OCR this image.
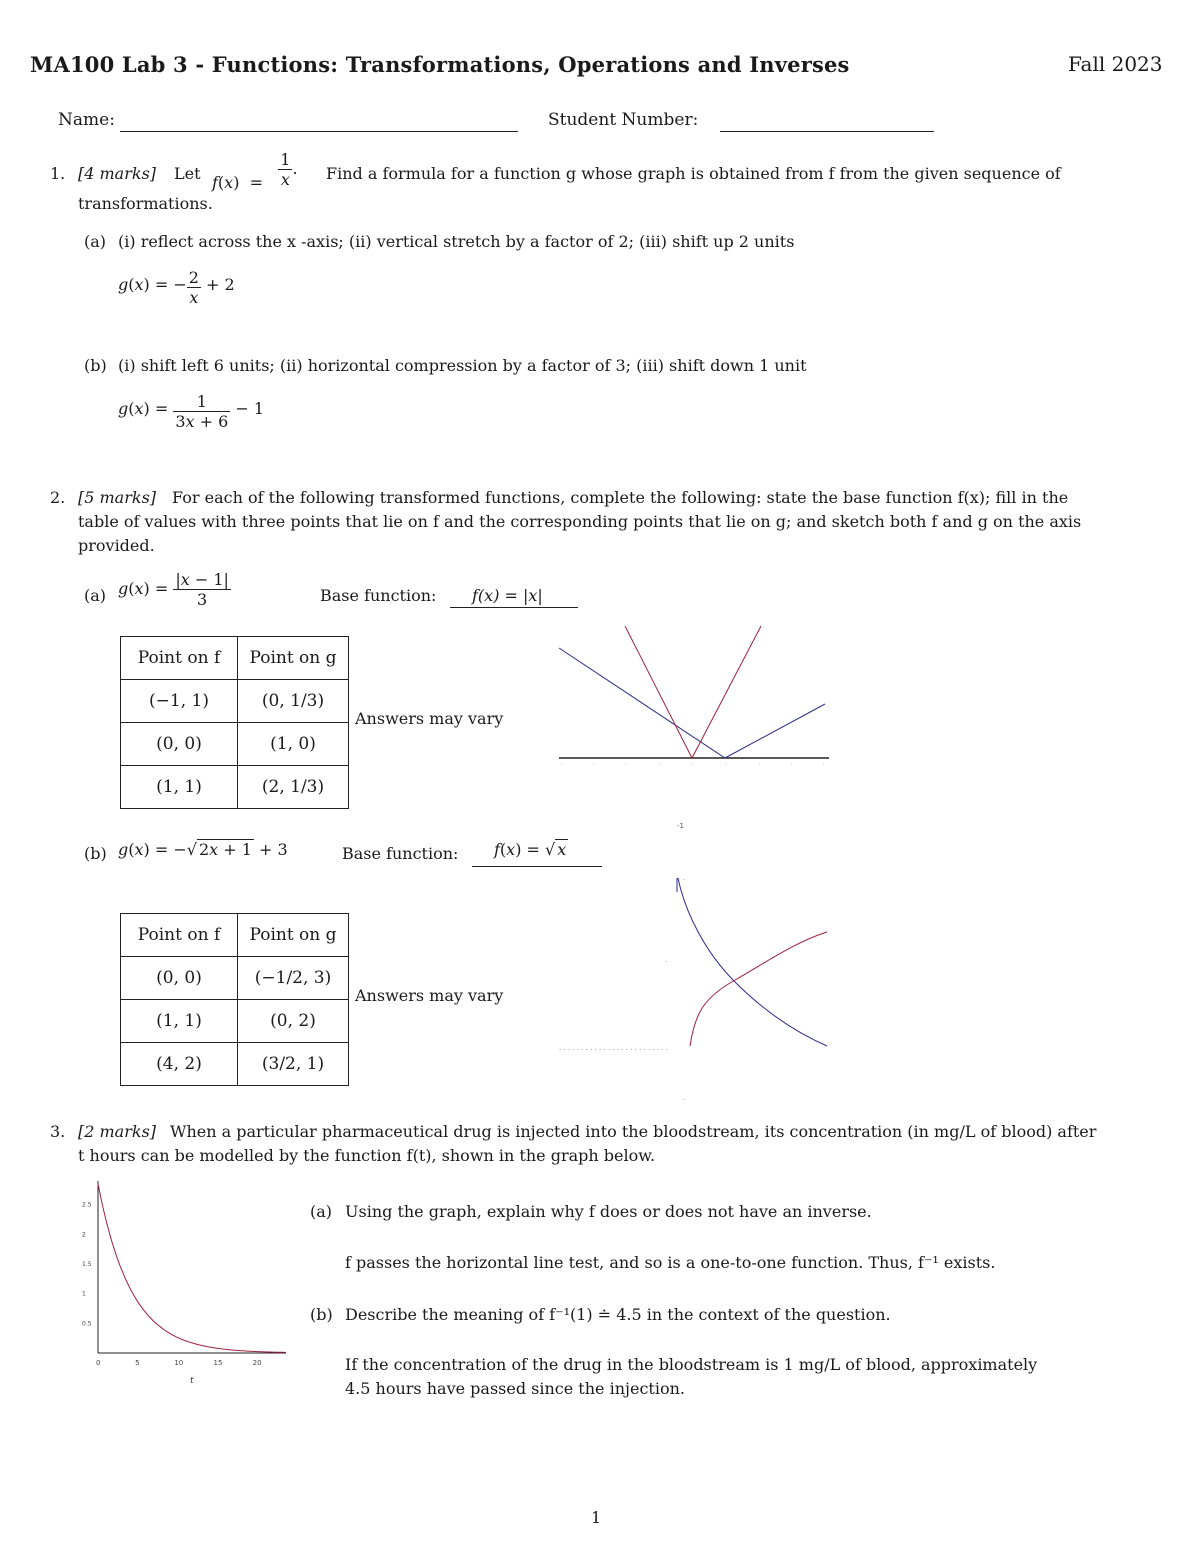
MA100 Lab 3 - Functions: Transformations, Operations and Inverses	Fall 2023
Name:	Student Number:
1. [4 marks] Let $f(x) = \frac{1}{x}$ . Find a formula for a function g whose graph is obtained from f from the given sequence of
transformations.
(a) (i) reflect across the x -axis; (ii) vertical stretch by a factor of 2; (iii) shift up 2 units
g(x) = − $\frac{2}{x} + 2$
(b) (i) shift left 6 units; (ii) horizontal compression by a factor of 3; (iii) shift down 1 unit
$g(x) = \frac{1}{3x + 6} - 1$
2. [5 marks] For each of the following transformed functions, complete the following: state the base function f(x); fill in the
table of values with three points that lie on f and the corresponding points that lie on g; and sketch both f and g on the axis
provided.
(a) $g(x) = \frac{|x - 1|}{3}$	Base function: f(x) = |x|
Point on f	Point on g
(−1, 1)	(0, 1/3)
(0, 0)	(1, 0)
(1, 1)	(2, 1/3)
Answers may vary
·	·	·	·	·	·	·	·	·
-1
(b) g(x) = −√ 2x + 1 + 3	Base function: f(x) = √ x
Point on f	Point on g
(0, 0)	(−1/2, 3)
(1, 1)	(0, 2)
(4, 2)	(3/2, 1)
Answers may vary
· · · · · · · · · · · · · · · · · · · · · · · · ·
·
·
·
3. [2 marks] When a particular pharmaceutical drug is injected into the bloodstream, its concentration (in mg/L of blood) after
t hours can be modelled by the function f(t), shown in the graph below.
0	5	10	15	20
0.5
1
1.5
2
2.5
t
(a) Using the graph, explain why f does or does not have an inverse.
f passes the horizontal line test, and so is a one-to-one function. Thus, f⁻¹ exists.
(b) Describe the meaning of f⁻¹(1) ≐ 4.5 in the context of the question.
If the concentration of the drug in the bloodstream is 1 mg/L of blood, approximately
4.5 hours have passed since the injection.
1
